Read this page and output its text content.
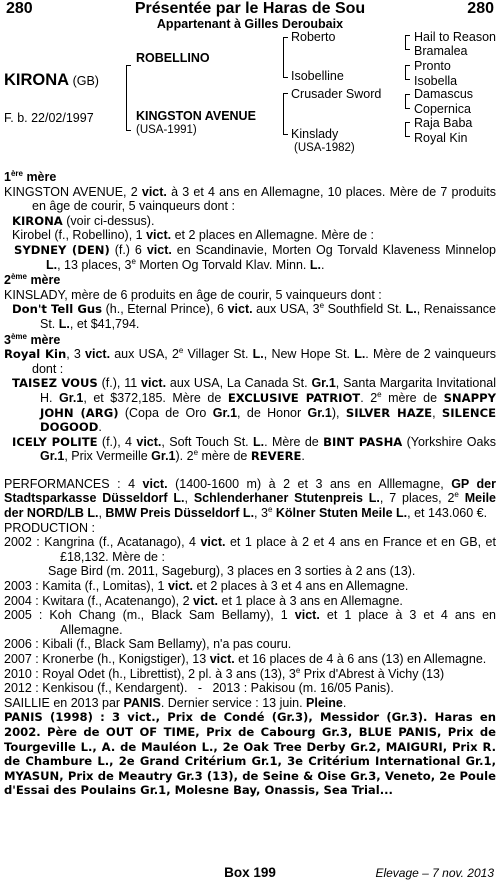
280	Présentée par le Haras de Sou	280
Appartenant à Gilles Deroubaix
KIRONA (GB)
F. b. 22/02/1997
ROBELLINO
KINGSTON AVENUE
(USA-1991)
Roberto
Isobelline
Crusader Sword
Kinslady
(USA-1982)
Hail to Reason
Bramalea
Pronto
Isobella
Damascus
Copernica
Raja Baba
Royal Kin
1ère mère

KINGSTON AVENUE, 2 vict. à 3 et 4 ans en Allemagne, 10 places. Mère de 7 produits en âge de courir, 5 vainqueurs dont :

KIRONA (voir ci-dessus).

Kirobel (f., Robellino), 1 vict. et 2 places en Allemagne. Mère de :

SYDNEY (DEN) (f.) 6 vict. en Scandinavie, Morten Og Torvald Klaveness Minnelop L., 13 places, 3e Morten Og Torvald Klav. Minn. L..

2ème mère

KINSLADY, mère de 6 produits en âge de courir, 5 vainqueurs dont :

Don't Tell Gus (h., Eternal Prince), 6 vict. aux USA, 3e Southfield St. L., Renaissance St. L., et $41,794.

3ème mère

Royal Kin, 3 vict. aux USA, 2e Villager St. L., New Hope St. L.. Mère de 2 vainqueurs dont :

TAISEZ VOUS (f.), 11 vict. aux USA, La Canada St. Gr.1, Santa Margarita Invitational H. Gr.1, et $372,185. Mère de EXCLUSIVE PATRIOT. 2e mère de SNAPPY JOHN (ARG) (Copa de Oro Gr.1, de Honor Gr.1), SILVER HAZE, SILENCE DOGOOD.

ICELY POLITE (f.), 4 vict., Soft Touch St. L.. Mère de BINT PASHA (Yorkshire Oaks Gr.1, Prix Vermeille Gr.1). 2e mère de REVERE.

PERFORMANCES : 4 vict. (1400-1600 m) à 2 et 3 ans en Alllemagne, GP der Stadtsparkasse Düsseldorf L., Schlenderhaner Stutenpreis L., 7 places, 2e Meile der NORD/LB L., BMW Preis Düsseldorf L., 3e Kölner Stuten Meile L., et 143.060 €.

PRODUCTION :

2002 : Kangrina (f., Acatanago), 4 vict. et 1 place à 2 et 4 ans en France et en GB, et £18,132. Mère de :

Sage Bird (m. 2011, Sageburg), 3 places en 3 sorties à 2 ans (13).

2003 : Kamita (f., Lomitas), 1 vict. et 2 places à 3 et 4 ans en Allemagne.

2004 : Kwitara (f., Acatenango), 2 vict. et 1 place à 3 ans en Allemagne.

2005 : Koh Chang (m., Black Sam Bellamy), 1 vict. et 1 place à 3 et 4 ans en Allemagne.

2006 : Kibali (f., Black Sam Bellamy), n'a pas couru.

2007 : Kronerbe (h., Konigstiger), 13 vict. et 16 places de 4 à 6 ans (13) en Allemagne.

2010 : Royal Odet (h., Librettist), 2 pl. à 3 ans (13), 3e Prix d'Abrest à Vichy (13)

2012 : Kenkisou (f., Kendargent).   -   2013 : Pakisou (m. 16/05 Panis).

SAILLIE en 2013 par PANIS. Dernier service : 13 juin. Pleine.

PANIS (1998) : 3 vict., Prix de Condé (Gr.3), Messidor (Gr.3). Haras en 2002. Père de OUT OF TIME, Prix de Cabourg Gr.3, BLUE PANIS, Prix de Tourgeville L., A. de Mauléon L., 2e Oak Tree Derby Gr.2, MAIGURI, Prix R. de Chambure L., 2e Grand Critérium Gr.1, 3e Critérium International Gr.1, MYASUN, Prix de Meautry Gr.3 (13), de Seine & Oise Gr.3, Veneto, 2e Poule d'Essai des Poulains Gr.1, Molesne Bay, Onassis, Sea Trial...

Box 199	Elevage – 7 nov. 2013
